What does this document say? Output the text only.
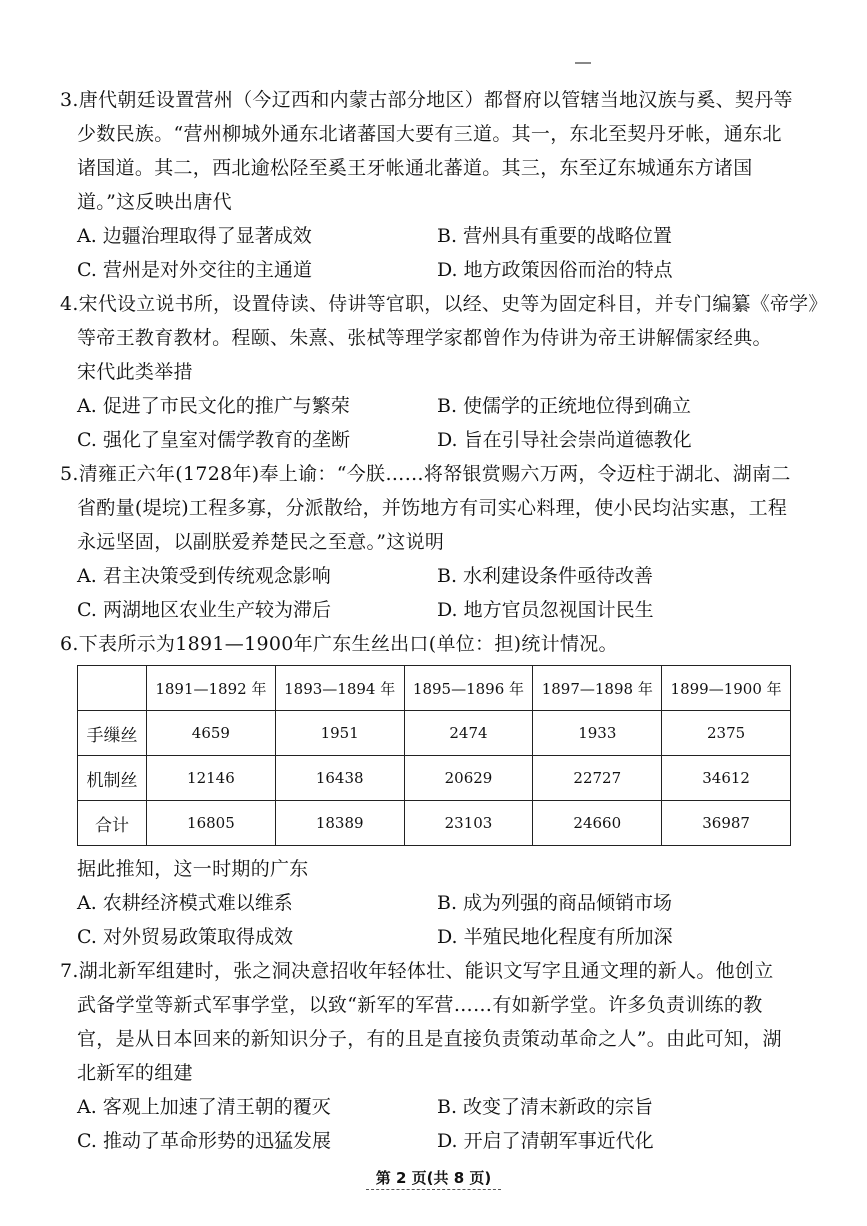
3.唐代朝廷设置营州（今辽西和内蒙古部分地区）都督府以管辖当地汉族与奚、契丹等
少数民族。“营州柳城外通东北诸蕃国大要有三道。其一，东北至契丹牙帐，通东北
诸国道。其二，西北逾松陉至奚王牙帐通北蕃道。其三，东至辽东城通东方诸国
道。”这反映出唐代
A. 边疆治理取得了显著成效	B. 营州具有重要的战略位置
C. 营州是对外交往的主通道	D. 地方政策因俗而治的特点
4.宋代设立说书所，设置侍读、侍讲等官职，以经、史等为固定科目，并专门编纂《帝学》
等帝王教育教材。程颐、朱熹、张栻等理学家都曾作为侍讲为帝王讲解儒家经典。
宋代此类举措
A. 促进了市民文化的推广与繁荣	B. 使儒学的正统地位得到确立
C. 强化了皇室对儒学教育的垄断	D. 旨在引导社会崇尚道德教化
5.清雍正六年(1728年)奉上谕：“今朕……将帑银赏赐六万两，令迈柱于湖北、湖南二
省酌量(堤垸)工程多寡，分派散给，并饬地方有司实心料理，使小民均沾实惠，工程
永远坚固，以副朕爱养楚民之至意。”这说明
A. 君主决策受到传统观念影响	B. 水利建设条件亟待改善
C. 两湖地区农业生产较为滞后	D. 地方官员忽视国计民生
6.下表所示为1891—1900年广东生丝出口(单位：担)统计情况。
	1891—1892 年	1893—1894 年	1895—1896 年	1897—1898 年	1899—1900 年
手缫丝	4659	1951	2474	1933	2375
机制丝	12146	16438	20629	22727	34612
合计	16805	18389	23103	24660	36987
据此推知，这一时期的广东
A. 农耕经济模式难以维系	B. 成为列强的商品倾销市场
C. 对外贸易政策取得成效	D. 半殖民地化程度有所加深
7.湖北新军组建时，张之洞决意招收年轻体壮、能识文写字且通文理的新人。他创立
武备学堂等新式军事学堂，以致“新军的军营……有如新学堂。许多负责训练的教
官，是从日本回来的新知识分子，有的且是直接负责策动革命之人”。由此可知，湖
北新军的组建
A. 客观上加速了清王朝的覆灭	B. 改变了清末新政的宗旨
C. 推动了革命形势的迅猛发展	D. 开启了清朝军事近代化
第 2 页(共 8 页)
